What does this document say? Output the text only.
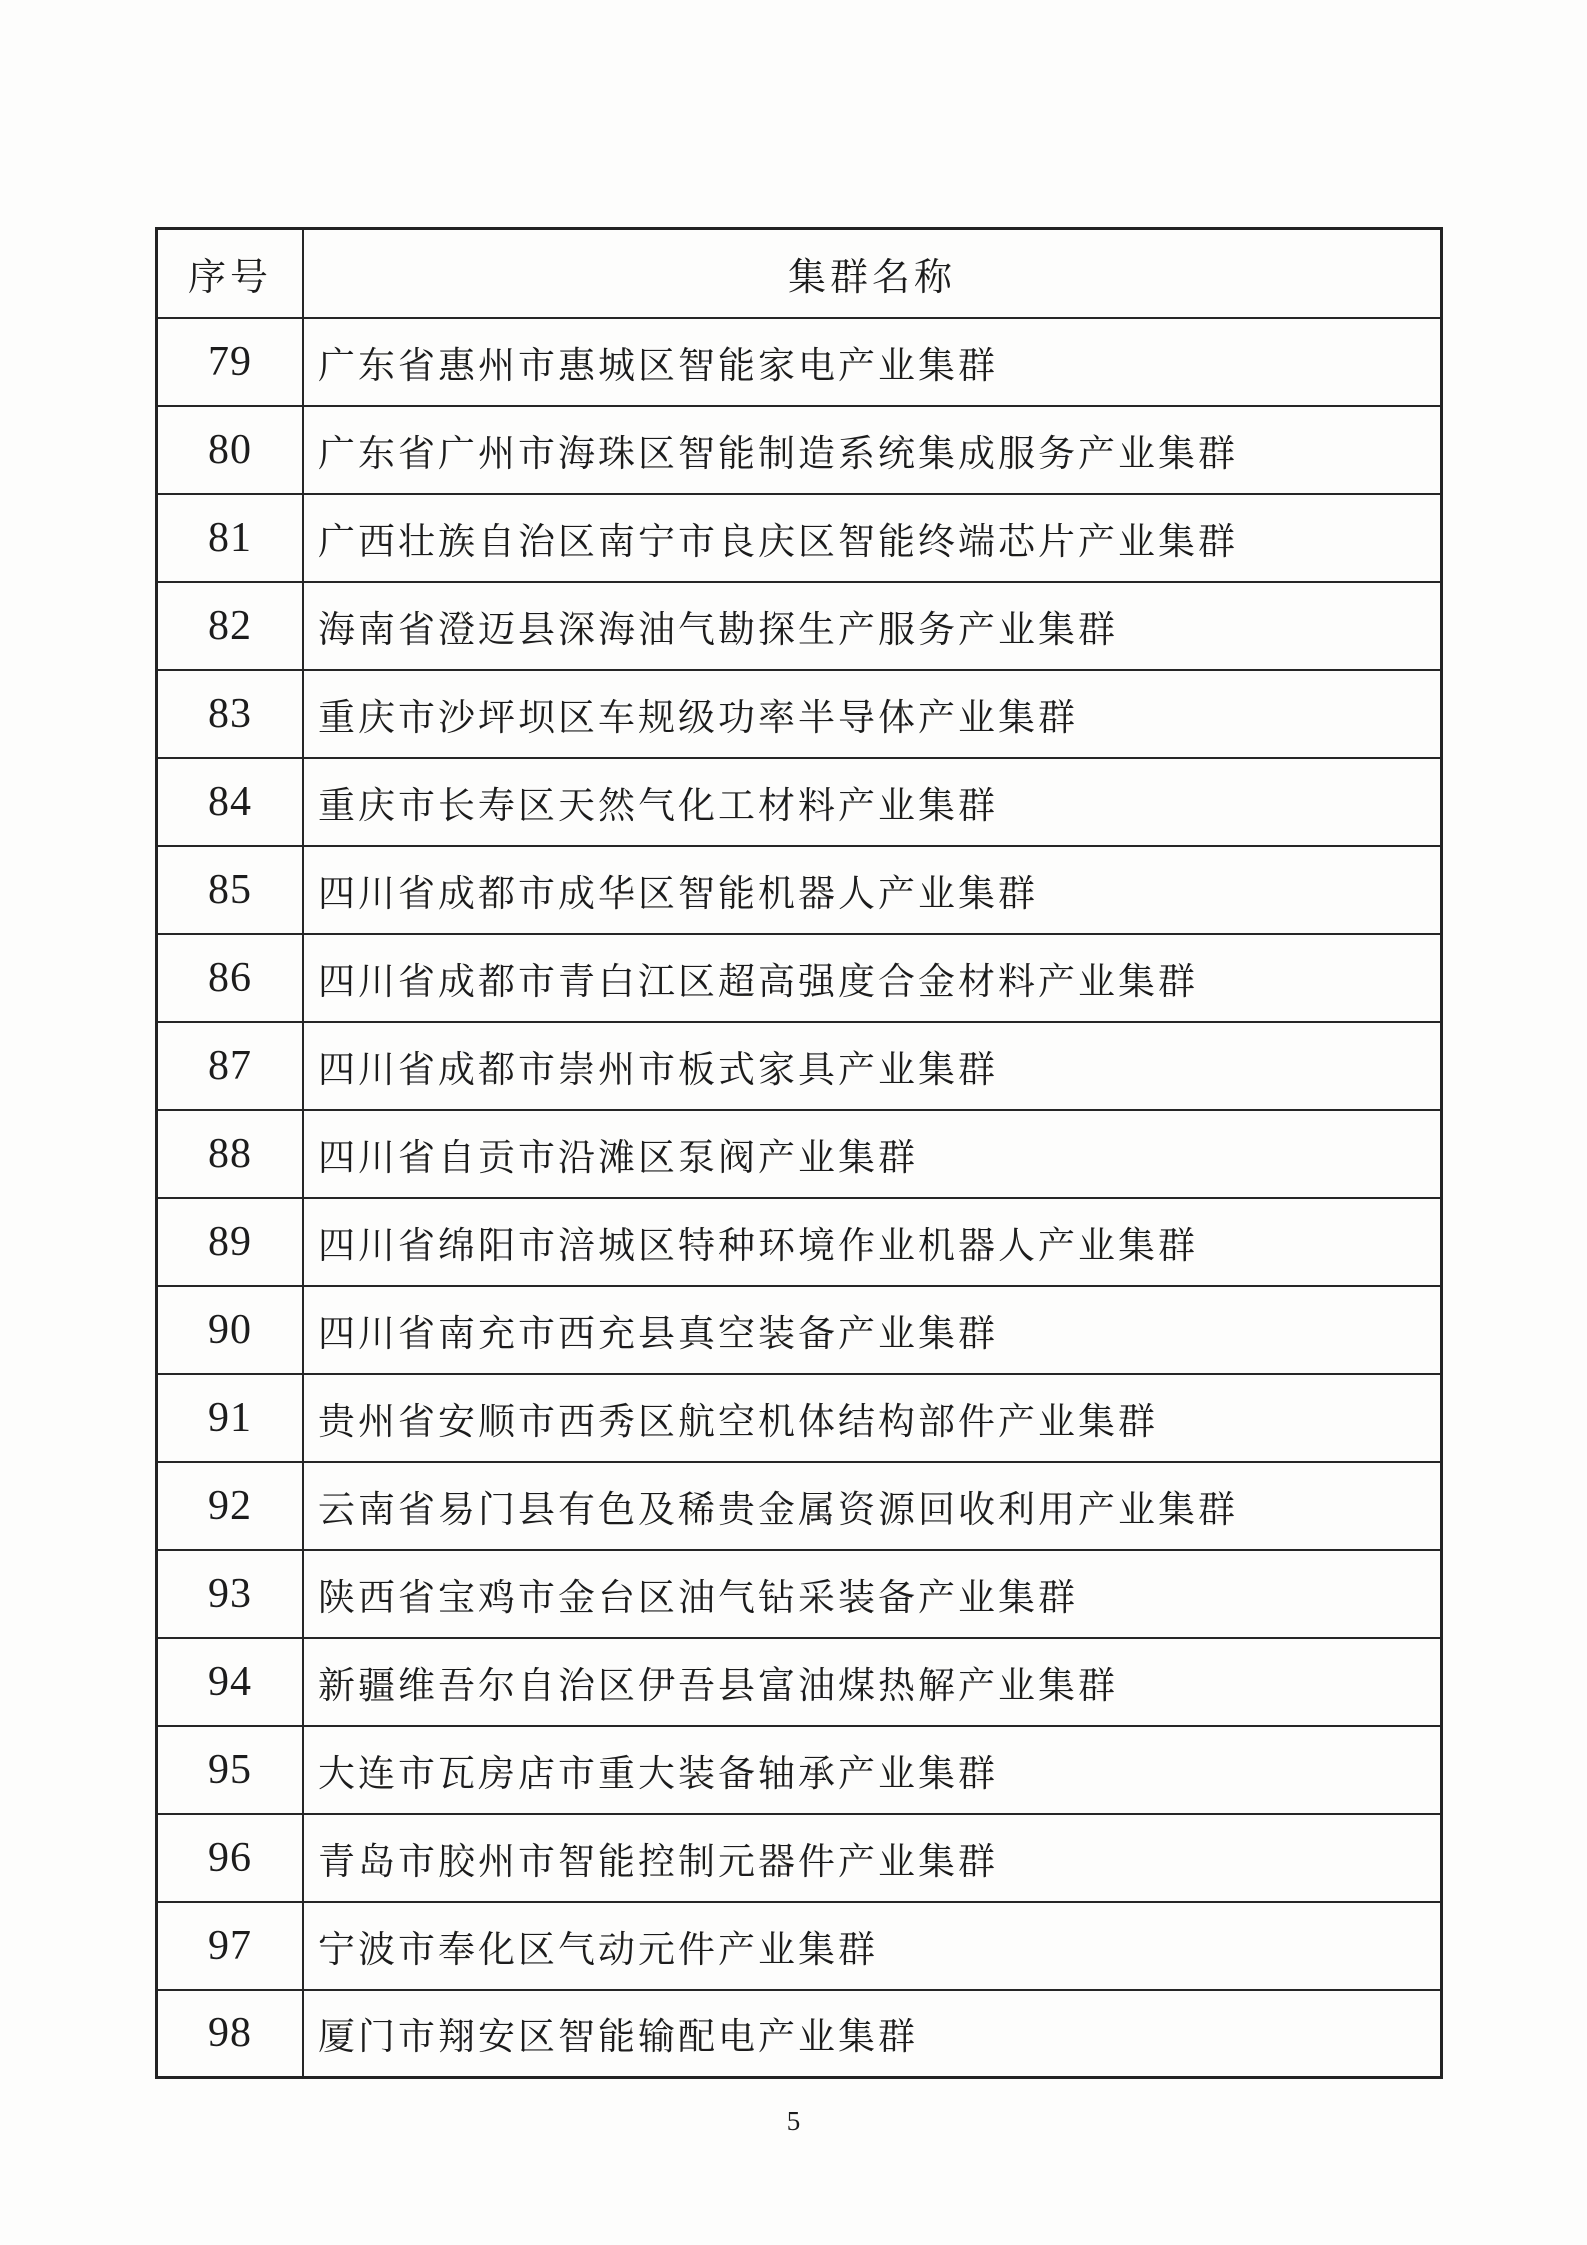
序号	集群名称
79	广东省惠州市惠城区智能家电产业集群
80	广东省广州市海珠区智能制造系统集成服务产业集群
81	广西壮族自治区南宁市良庆区智能终端芯片产业集群
82	海南省澄迈县深海油气勘探生产服务产业集群
83	重庆市沙坪坝区车规级功率半导体产业集群
84	重庆市长寿区天然气化工材料产业集群
85	四川省成都市成华区智能机器人产业集群
86	四川省成都市青白江区超高强度合金材料产业集群
87	四川省成都市崇州市板式家具产业集群
88	四川省自贡市沿滩区泵阀产业集群
89	四川省绵阳市涪城区特种环境作业机器人产业集群
90	四川省南充市西充县真空装备产业集群
91	贵州省安顺市西秀区航空机体结构部件产业集群
92	云南省易门县有色及稀贵金属资源回收利用产业集群
93	陕西省宝鸡市金台区油气钻采装备产业集群
94	新疆维吾尔自治区伊吾县富油煤热解产业集群
95	大连市瓦房店市重大装备轴承产业集群
96	青岛市胶州市智能控制元器件产业集群
97	宁波市奉化区气动元件产业集群
98	厦门市翔安区智能输配电产业集群
5
